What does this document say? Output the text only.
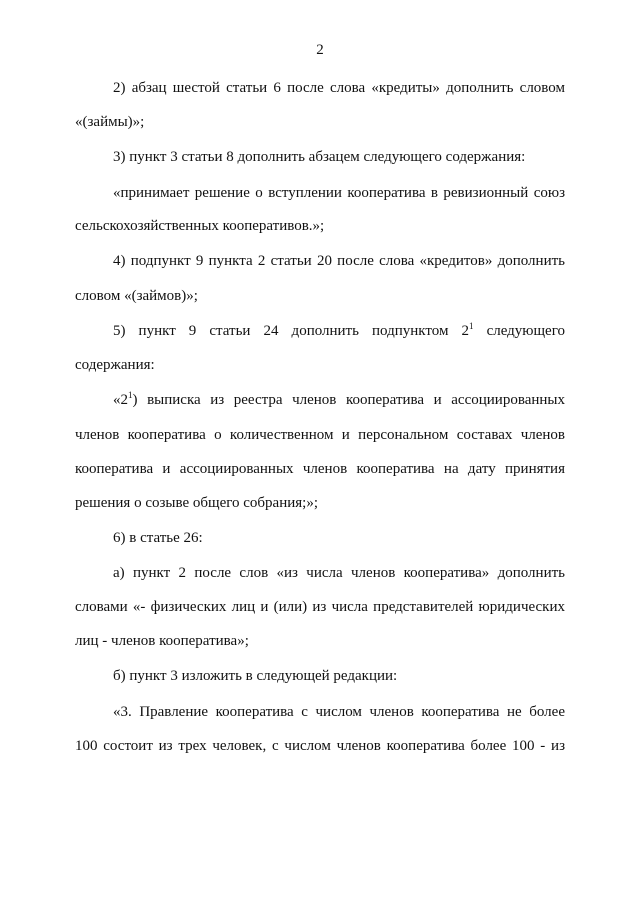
2
2) абзац шестой статьи 6 после слова «кредиты» дополнить словом
«(займы)»;
3) пункт 3 статьи 8 дополнить абзацем следующего содержания:
«принимает решение о вступлении кооператива в ревизионный союз
сельскохозяйственных кооперативов.»;
4) подпункт 9 пункта 2 статьи 20 после слова «кредитов» дополнить
словом «(займов)»;
5) пункт 9 статьи 24 дополнить подпунктом $2^1$ следующего
содержания:
«$2^1$) выписка из реестра членов кооператива и ассоциированных
членов кооператива о количественном и персональном составах членов
кооператива и ассоциированных членов кооператива на дату принятия
решения о созыве общего собрания;»;
6) в статье 26:
а) пункт 2 после слов «из числа членов кооператива» дополнить
словами «- физических лиц и (или) из числа представителей юридических
лиц - членов кооператива»;
б) пункт 3 изложить в следующей редакции:
«3. Правление кооператива с числом членов кооператива не более
100 состоит из трех человек, с числом членов кооператива более 100 - из
